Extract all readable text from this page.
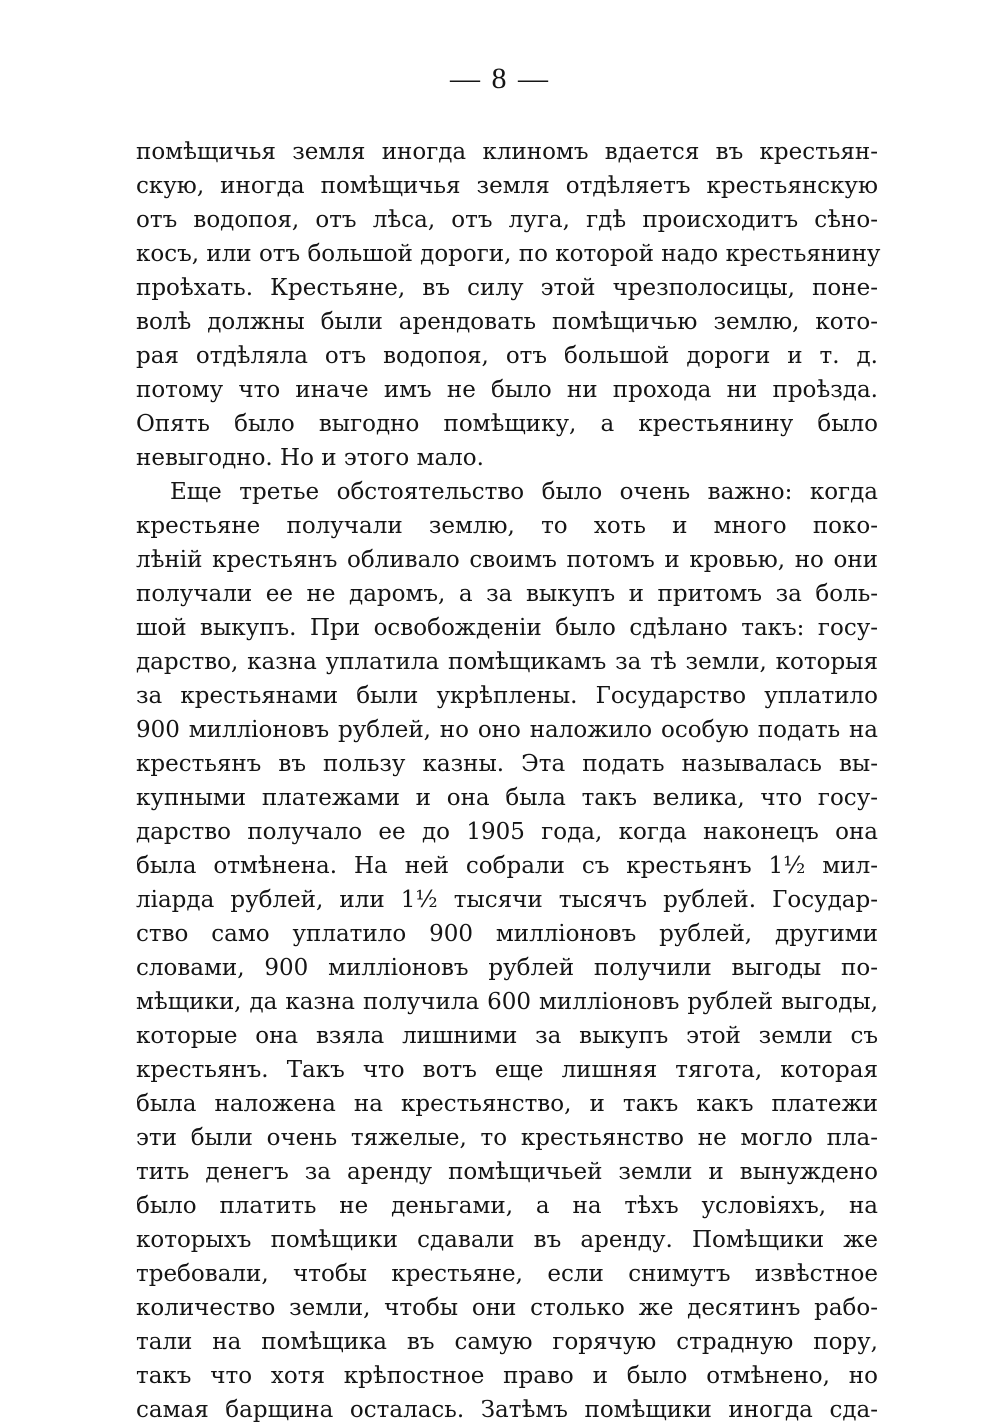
— 8 —
помѣщичья земля иногда клиномъ вдается въ крестьян-
скую, иногда помѣщичья земля отдѣляетъ крестьянскую
отъ водопоя, отъ лѣса, отъ луга, гдѣ происходитъ сѣно-
косъ, или отъ большой дороги, по которой надо крестьянину
проѣхать. Крестьяне, въ силу этой чрезполосицы, поне-
волѣ должны были арендовать помѣщичью землю, кото-
рая отдѣляла отъ водопоя, отъ большой дороги и т. д.
потому что иначе имъ не было ни прохода ни проѣзда.
Опять было выгодно помѣщику, а крестьянину было
невыгодно. Но и этого мало.
Еще третье обстоятельство было очень важно: когда
крестьяне получали землю, то хоть и много поко-
лѣній крестьянъ обливало своимъ потомъ и кровью, но они
получали ее не даромъ, а за выкупъ и притомъ за боль-
шой выкупъ. При освобожденіи было сдѣлано такъ: госу-
дарство, казна уплатила помѣщикамъ за тѣ земли, которыя
за крестьянами были укрѣплены. Государство уплатило
900 милліоновъ рублей, но оно наложило особую подать на
крестьянъ въ пользу казны. Эта подать называлась вы-
купными платежами и она была такъ велика, что госу-
дарство получало ее до 1905 года, когда наконецъ она
была отмѣнена. На ней собрали съ крестьянъ 1½ мил-
ліарда рублей, или 1½ тысячи тысячъ рублей. Государ-
ство само уплатило 900 милліоновъ рублей, другими
словами, 900 милліоновъ рублей получили выгоды по-
мѣщики, да казна получила 600 милліоновъ рублей выгоды,
которые она взяла лишними за выкупъ этой земли съ
крестьянъ. Такъ что вотъ еще лишняя тягота, которая
была наложена на крестьянство, и такъ какъ платежи
эти были очень тяжелые, то крестьянство не могло пла-
тить денегъ за аренду помѣщичьей земли и вынуждено
было платить не деньгами, а на тѣхъ условіяхъ, на
которыхъ помѣщики сдавали въ аренду. Помѣщики же
требовали, чтобы крестьяне, если снимутъ извѣстное
количество земли, чтобы они столько же десятинъ рабо-
тали на помѣщика въ самую горячую страдную пору,
такъ что хотя крѣпостное право и было отмѣнено, но
самая барщина осталась. Затѣмъ помѣщики иногда сда-
